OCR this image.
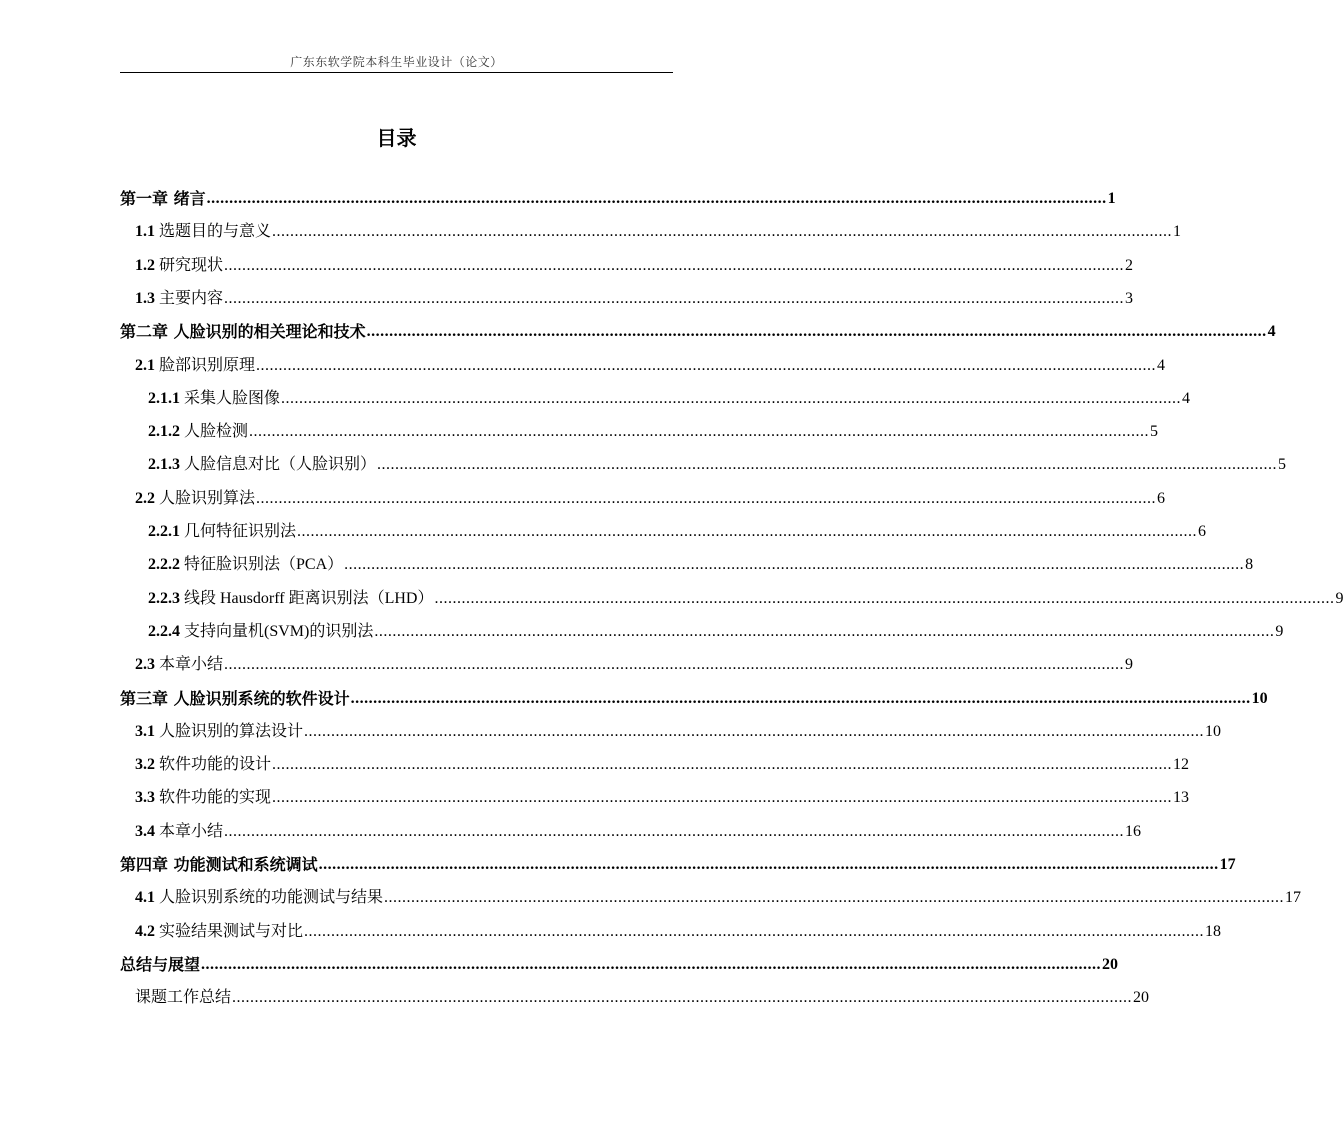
广东东软学院本科生毕业设计（论文）
目录
第一章 绪言 ........................................................................................................................................................................................................ 1
1.1 选题目的与意义 ........................................................................................................................................................................................................ 1
1.2 研究现状 ........................................................................................................................................................................................................ 2
1.3 主要内容 ........................................................................................................................................................................................................ 3
第二章 人脸识别的相关理论和技术 ........................................................................................................................................................................................................ 4
2.1 脸部识别原理 ........................................................................................................................................................................................................ 4
2.1.1 采集人脸图像 ........................................................................................................................................................................................................ 4
2.1.2 人脸检测 ........................................................................................................................................................................................................ 5
2.1.3 人脸信息对比（人脸识别） ........................................................................................................................................................................................................ 5
2.2 人脸识别算法 ........................................................................................................................................................................................................ 6
2.2.1 几何特征识别法 ........................................................................................................................................................................................................ 6
2.2.2 特征脸识别法（PCA） ........................................................................................................................................................................................................ 8
2.2.3 线段 Hausdorff 距离识别法（LHD） ........................................................................................................................................................................................................ 9
2.2.4 支持向量机(SVM)的识别法 ........................................................................................................................................................................................................ 9
2.3 本章小结 ........................................................................................................................................................................................................ 9
第三章 人脸识别系统的软件设计 ........................................................................................................................................................................................................ 10
3.1 人脸识别的算法设计 ........................................................................................................................................................................................................ 10
3.2 软件功能的设计 ........................................................................................................................................................................................................ 12
3.3 软件功能的实现 ........................................................................................................................................................................................................ 13
3.4 本章小结 ........................................................................................................................................................................................................ 16
第四章 功能测试和系统调试 ........................................................................................................................................................................................................ 17
4.1 人脸识别系统的功能测试与结果 ........................................................................................................................................................................................................ 17
4.2 实验结果测试与对比 ........................................................................................................................................................................................................ 18
总结与展望 ........................................................................................................................................................................................................ 20
课题工作总结 ........................................................................................................................................................................................................ 20
